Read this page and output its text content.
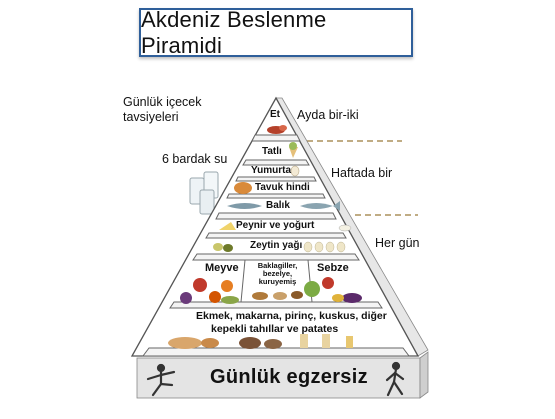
Akdeniz Beslenme Piramidi
Günlük içecek
tavsiyeleri
6 bardak su
Ayda bir-iki
Haftada bir
Her gün
Et
Tatlı
Yumurta
Tavuk hindi
Balık
Peynir ve yoğurt
Zeytin yağı
Meyve	Baklagiller,
bezelye,
kuruyemiş
Sebze
Ekmek, makarna, pirinç, kuskus, diğer
kepekli tahıllar ve patates
Günlük egzersiz
